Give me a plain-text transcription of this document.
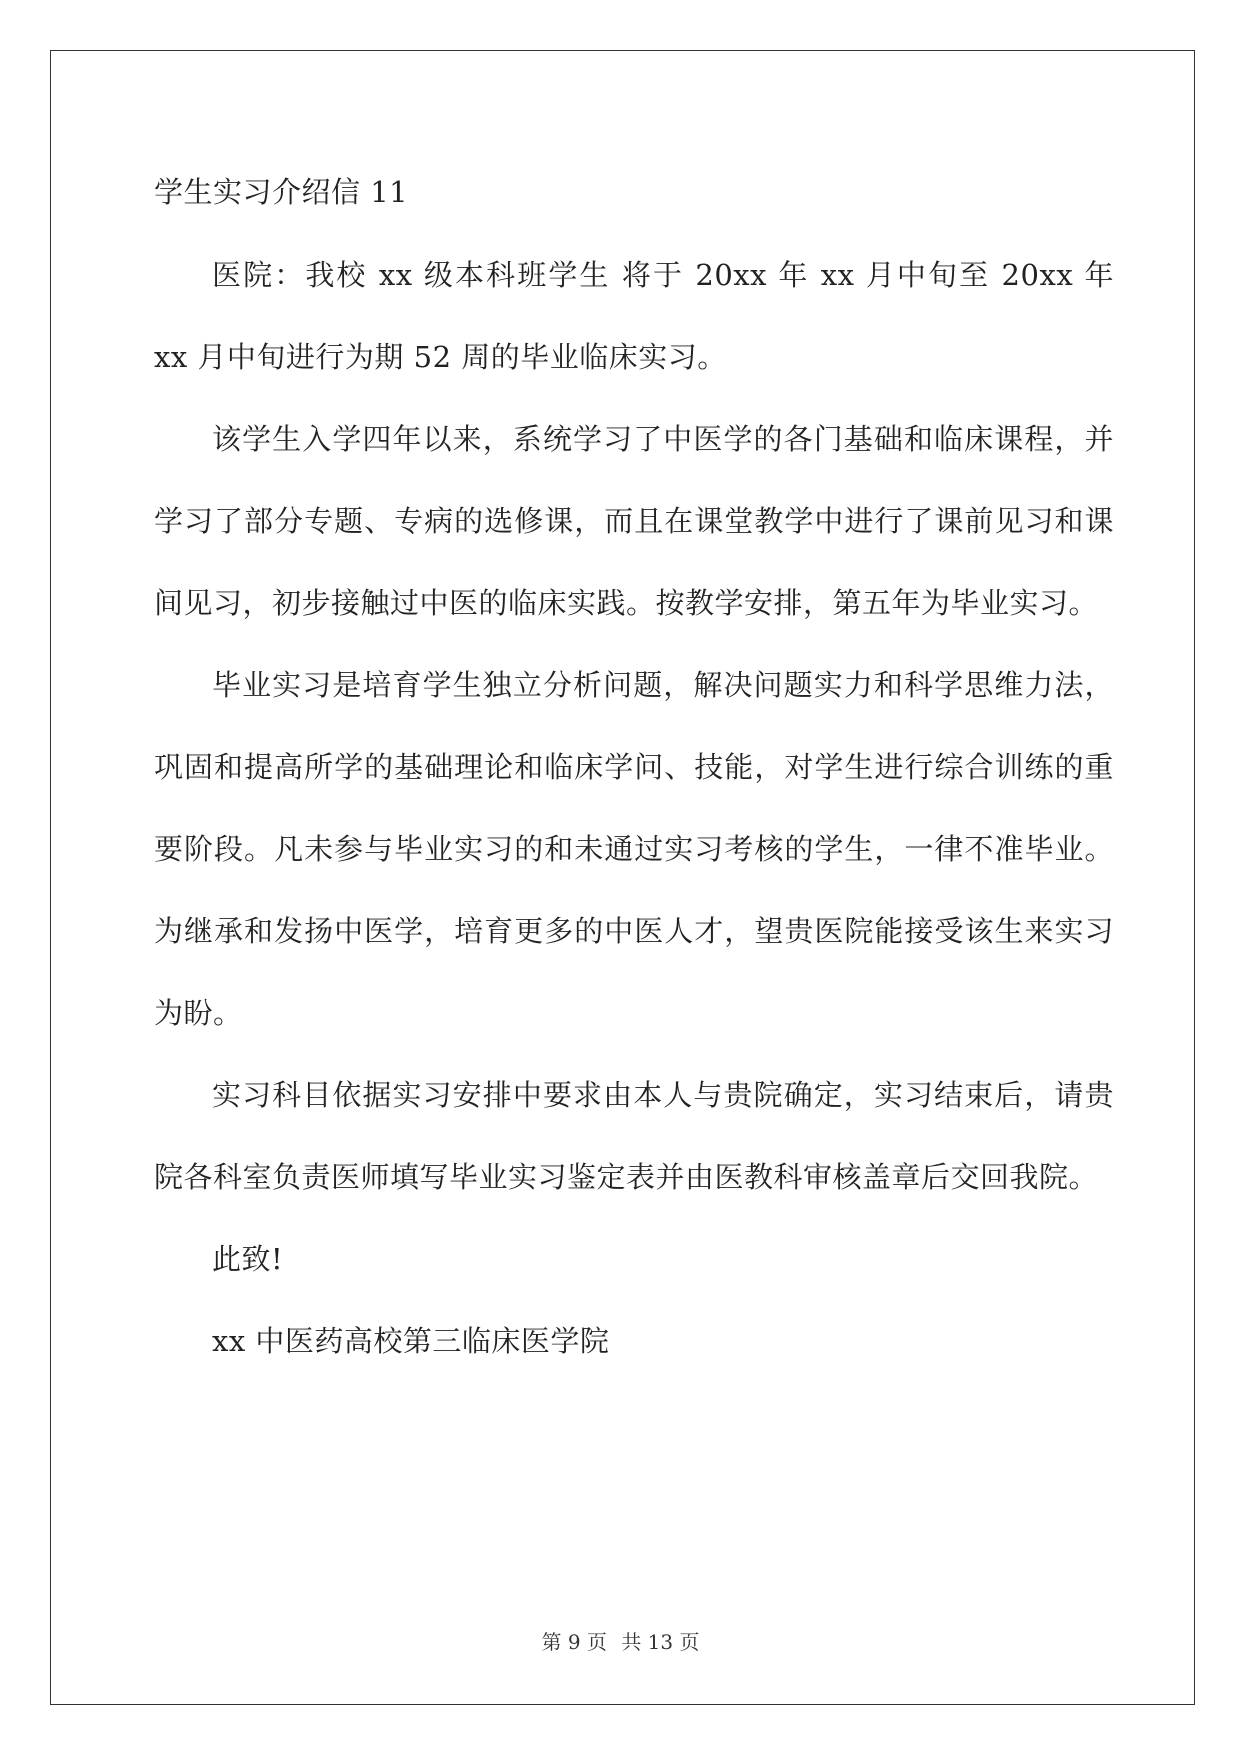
学生实习介绍信 11

医院：我校 xx 级本科班学生 将于 20xx 年 xx 月中旬至 20xx 年 xx 月中旬进行为期 52 周的毕业临床实习。

该学生入学四年以来，系统学习了中医学的各门基础和临床课程，并学习了部分专题、专病的选修课，而且在课堂教学中进行了课前见习和课间见习，初步接触过中医的临床实践。按教学安排，第五年为毕业实习。

毕业实习是培育学生独立分析问题，解决问题实力和科学思维力法，巩固和提高所学的基础理论和临床学问、技能，对学生进行综合训练的重要阶段。凡未参与毕业实习的和未通过实习考核的学生，一律不准毕业。为继承和发扬中医学，培育更多的中医人才，望贵医院能接受该生来实习为盼。

实习科目依据实习安排中要求由本人与贵院确定，实习结束后，请贵院各科室负责医师填写毕业实习鉴定表并由医教科审核盖章后交回我院。

此致!

xx 中医药高校第三临床医学院

第 9 页 共 13 页
